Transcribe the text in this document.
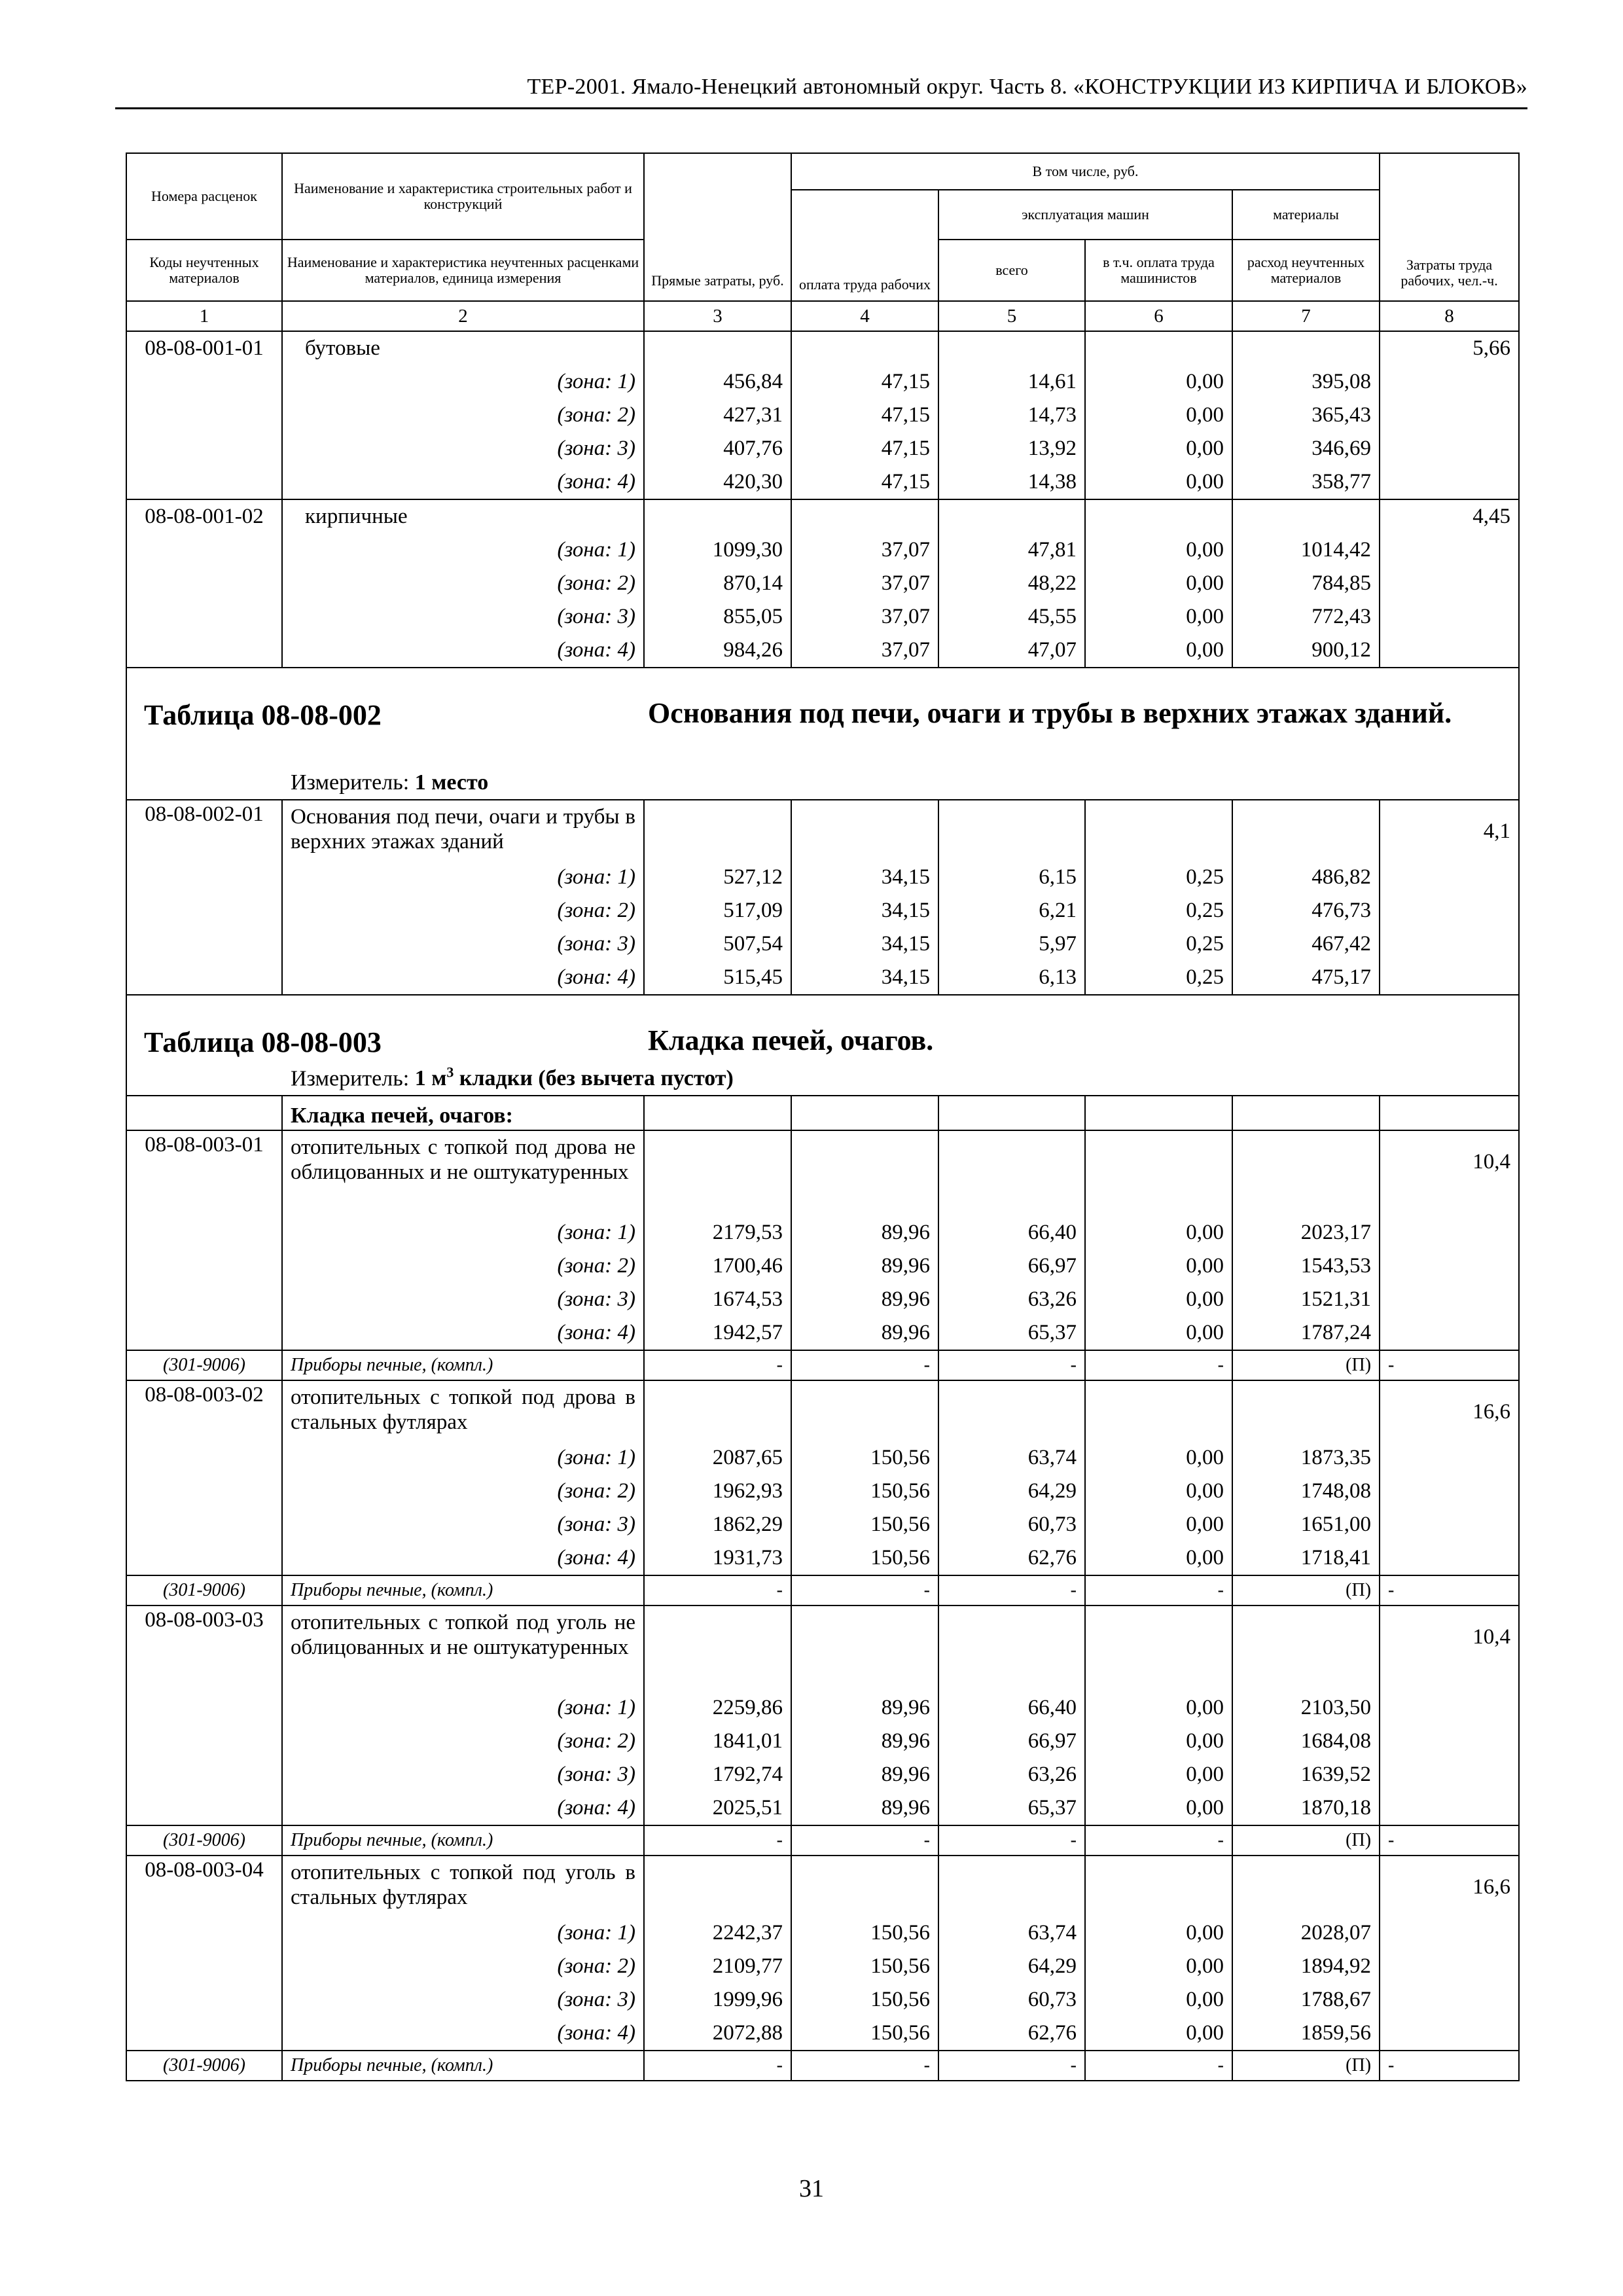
ТЕР-2001. Ямало-Ненецкий автономный округ. Часть 8. «КОНСТРУКЦИИ ИЗ КИРПИЧА И БЛОКОВ»
Номера расценок	Наименование и характеристика строительных работ и конструкций	Прямые затраты, руб.	В том числе, руб.				Затраты труда рабочих, чел.-ч.
			оплата труда рабочих	эксплуатация машин		материалы	
Коды неучтенных материалов	Наименование и характеристика неучтенных расценками материалов, единица измерения			всего	в т.ч. оплата труда машинистов	расход неучтенных материалов	
1	2	3	4	5	6	7	8
08-08-001-01	бутовые						5,66
	(зона: 1)	456,84	47,15	14,61	0,00	395,08	
	(зона: 2)	427,31	47,15	14,73	0,00	365,43	
	(зона: 3)	407,76	47,15	13,92	0,00	346,69	
	(зона: 4)	420,30	47,15	14,38	0,00	358,77	
08-08-001-02	кирпичные						4,45
	(зона: 1)	1099,30	37,07	47,81	0,00	1014,42	
	(зона: 2)	870,14	37,07	48,22	0,00	784,85	
	(зона: 3)	855,05	37,07	45,55	0,00	772,43	
	(зона: 4)	984,26	37,07	47,07	0,00	900,12	

Таблица 08-08-002 Основания под печи, очаги и трубы в верхних этажах зданий.
Измеритель: 1 место							

08-08-002-01	Основания под печи, очаги и трубы в верхних этажах зданий						4,1
	(зона: 1)	527,12	34,15	6,15	0,25	486,82	
	(зона: 2)	517,09	34,15	6,21	0,25	476,73	
	(зона: 3)	507,54	34,15	5,97	0,25	467,42	
	(зона: 4)	515,45	34,15	6,13	0,25	475,17	

Таблица 08-08-003 Кладка печей, очагов.
Измеритель: 1 $м^3$ кладки (без вычета пустот)							

	Кладка печей, очагов:						
08-08-003-01	отопительных с топкой под дрова не облицованных и не оштукатуренных						10,4
	(зона: 1)	2179,53	89,96	66,40	0,00	2023,17	
	(зона: 2)	1700,46	89,96	66,97	0,00	1543,53	
	(зона: 3)	1674,53	89,96	63,26	0,00	1521,31	
	(зона: 4)	1942,57	89,96	65,37	0,00	1787,24	
(301-9006)	Приборы печные, (компл.)	-	-	-	-	(П)	-
08-08-003-02	отопительных с топкой под дрова в стальных футлярах						16,6
	(зона: 1)	2087,65	150,56	63,74	0,00	1873,35	
	(зона: 2)	1962,93	150,56	64,29	0,00	1748,08	
	(зона: 3)	1862,29	150,56	60,73	0,00	1651,00	
	(зона: 4)	1931,73	150,56	62,76	0,00	1718,41	
(301-9006)	Приборы печные, (компл.)	-	-	-	-	(П)	-
08-08-003-03	отопительных с топкой под уголь не облицованных и не оштукатуренных						10,4
	(зона: 1)	2259,86	89,96	66,40	0,00	2103,50	
	(зона: 2)	1841,01	89,96	66,97	0,00	1684,08	
	(зона: 3)	1792,74	89,96	63,26	0,00	1639,52	
	(зона: 4)	2025,51	89,96	65,37	0,00	1870,18	
(301-9006)	Приборы печные, (компл.)	-	-	-	-	(П)	-
08-08-003-04	отопительных с топкой под уголь в стальных футлярах						16,6
	(зона: 1)	2242,37	150,56	63,74	0,00	2028,07	
	(зона: 2)	2109,77	150,56	64,29	0,00	1894,92	
	(зона: 3)	1999,96	150,56	60,73	0,00	1788,67	
	(зона: 4)	2072,88	150,56	62,76	0,00	1859,56	
(301-9006)	Приборы печные, (компл.)	-	-	-	-	(П)	-
31
